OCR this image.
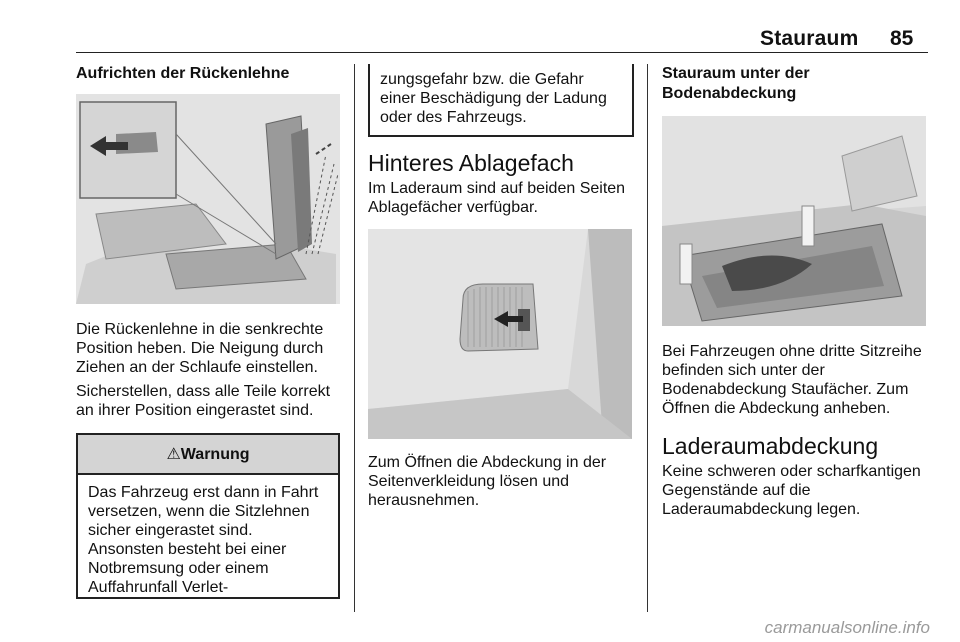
Stauraum 85
Aufrichten der Rückenlehne

Die Rückenlehne in die senkrechte Position heben. Die Neigung durch Ziehen an der Schlaufe einstellen.

Sicherstellen, dass alle Teile korrekt an ihrer Position eingerastet sind.

⚠Warnung

Das Fahrzeug erst dann in Fahrt versetzen, wenn die Sitzlehnen sicher eingerastet sind. Ansonsten besteht bei einer Notbremsung oder einem Auffahrunfall Verlet-

zungsgefahr bzw. die Gefahr einer Beschädigung der Ladung oder des Fahrzeugs.

Hinteres Ablagefach

Im Laderaum sind auf beiden Seiten Ablagefächer verfügbar.

Zum Öffnen die Abdeckung in der Seitenverkleidung lösen und herausnehmen.

Stauraum unter der Bodenabdeckung

Bei Fahrzeugen ohne dritte Sitzreihe befinden sich unter der Bodenabdeckung Staufächer. Zum Öffnen die Abdeckung anheben.

Laderaumabdeckung

Keine schweren oder scharfkantigen Gegenstände auf die Laderaumabdeckung legen.

carmanualsonline.info
